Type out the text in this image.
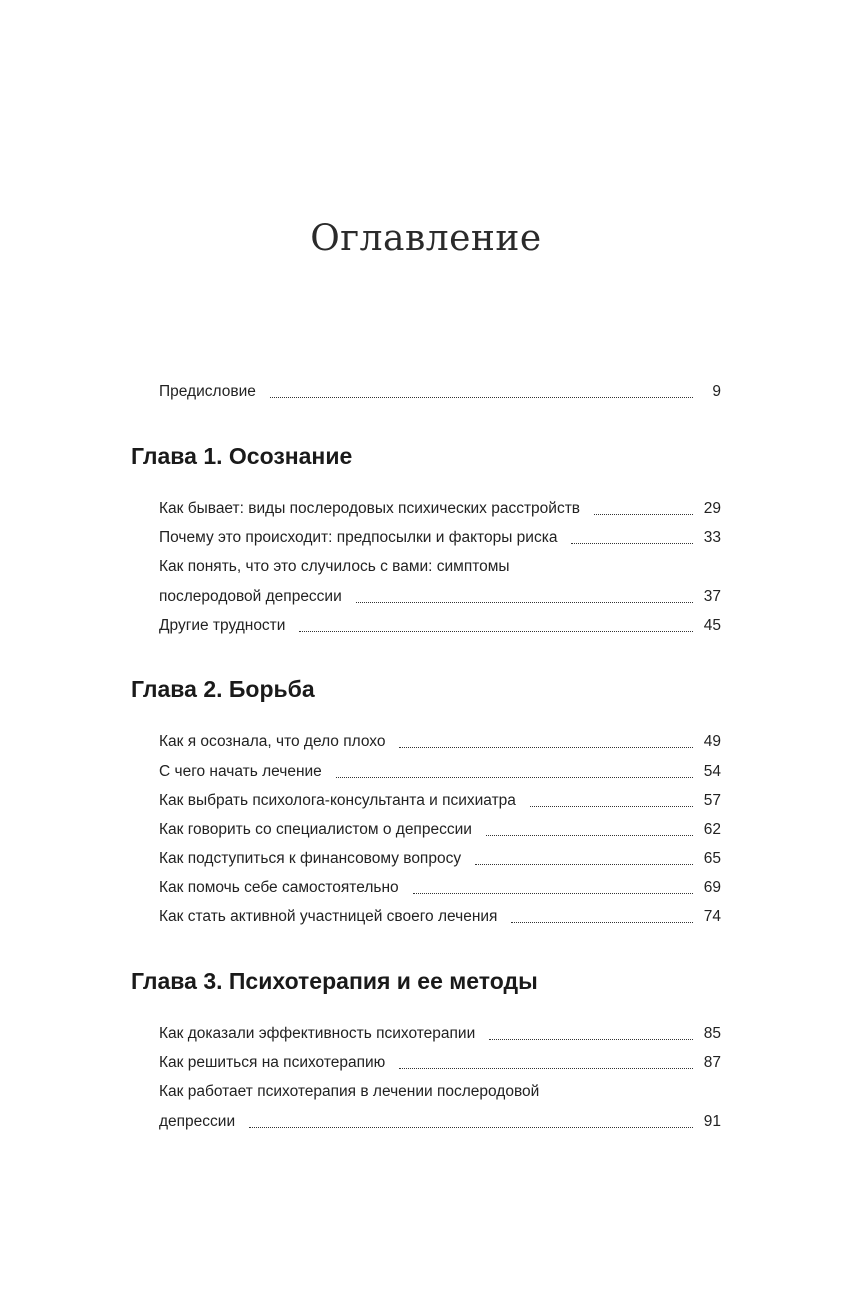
Оглавление
Предисловие	9
Глава 1. Осознание
Как бывает: виды послеродовых психических расстройств	29
Почему это происходит: предпосылки и факторы риска	33
Как понять, что это случилось с вами: симптомы
послеродовой депрессии	37
Другие трудности	45
Глава 2. Борьба
Как я осознала, что дело плохо	49
С чего начать лечение	54
Как выбрать психолога-консультанта и психиатра	57
Как говорить со специалистом о депрессии	62
Как подступиться к финансовому вопросу	65
Как помочь себе самостоятельно	69
Как стать активной участницей своего лечения	74
Глава 3. Психотерапия и ее методы
Как доказали эффективность психотерапии	85
Как решиться на психотерапию	87
Как работает психотерапия в лечении послеродовой
депрессии	91
